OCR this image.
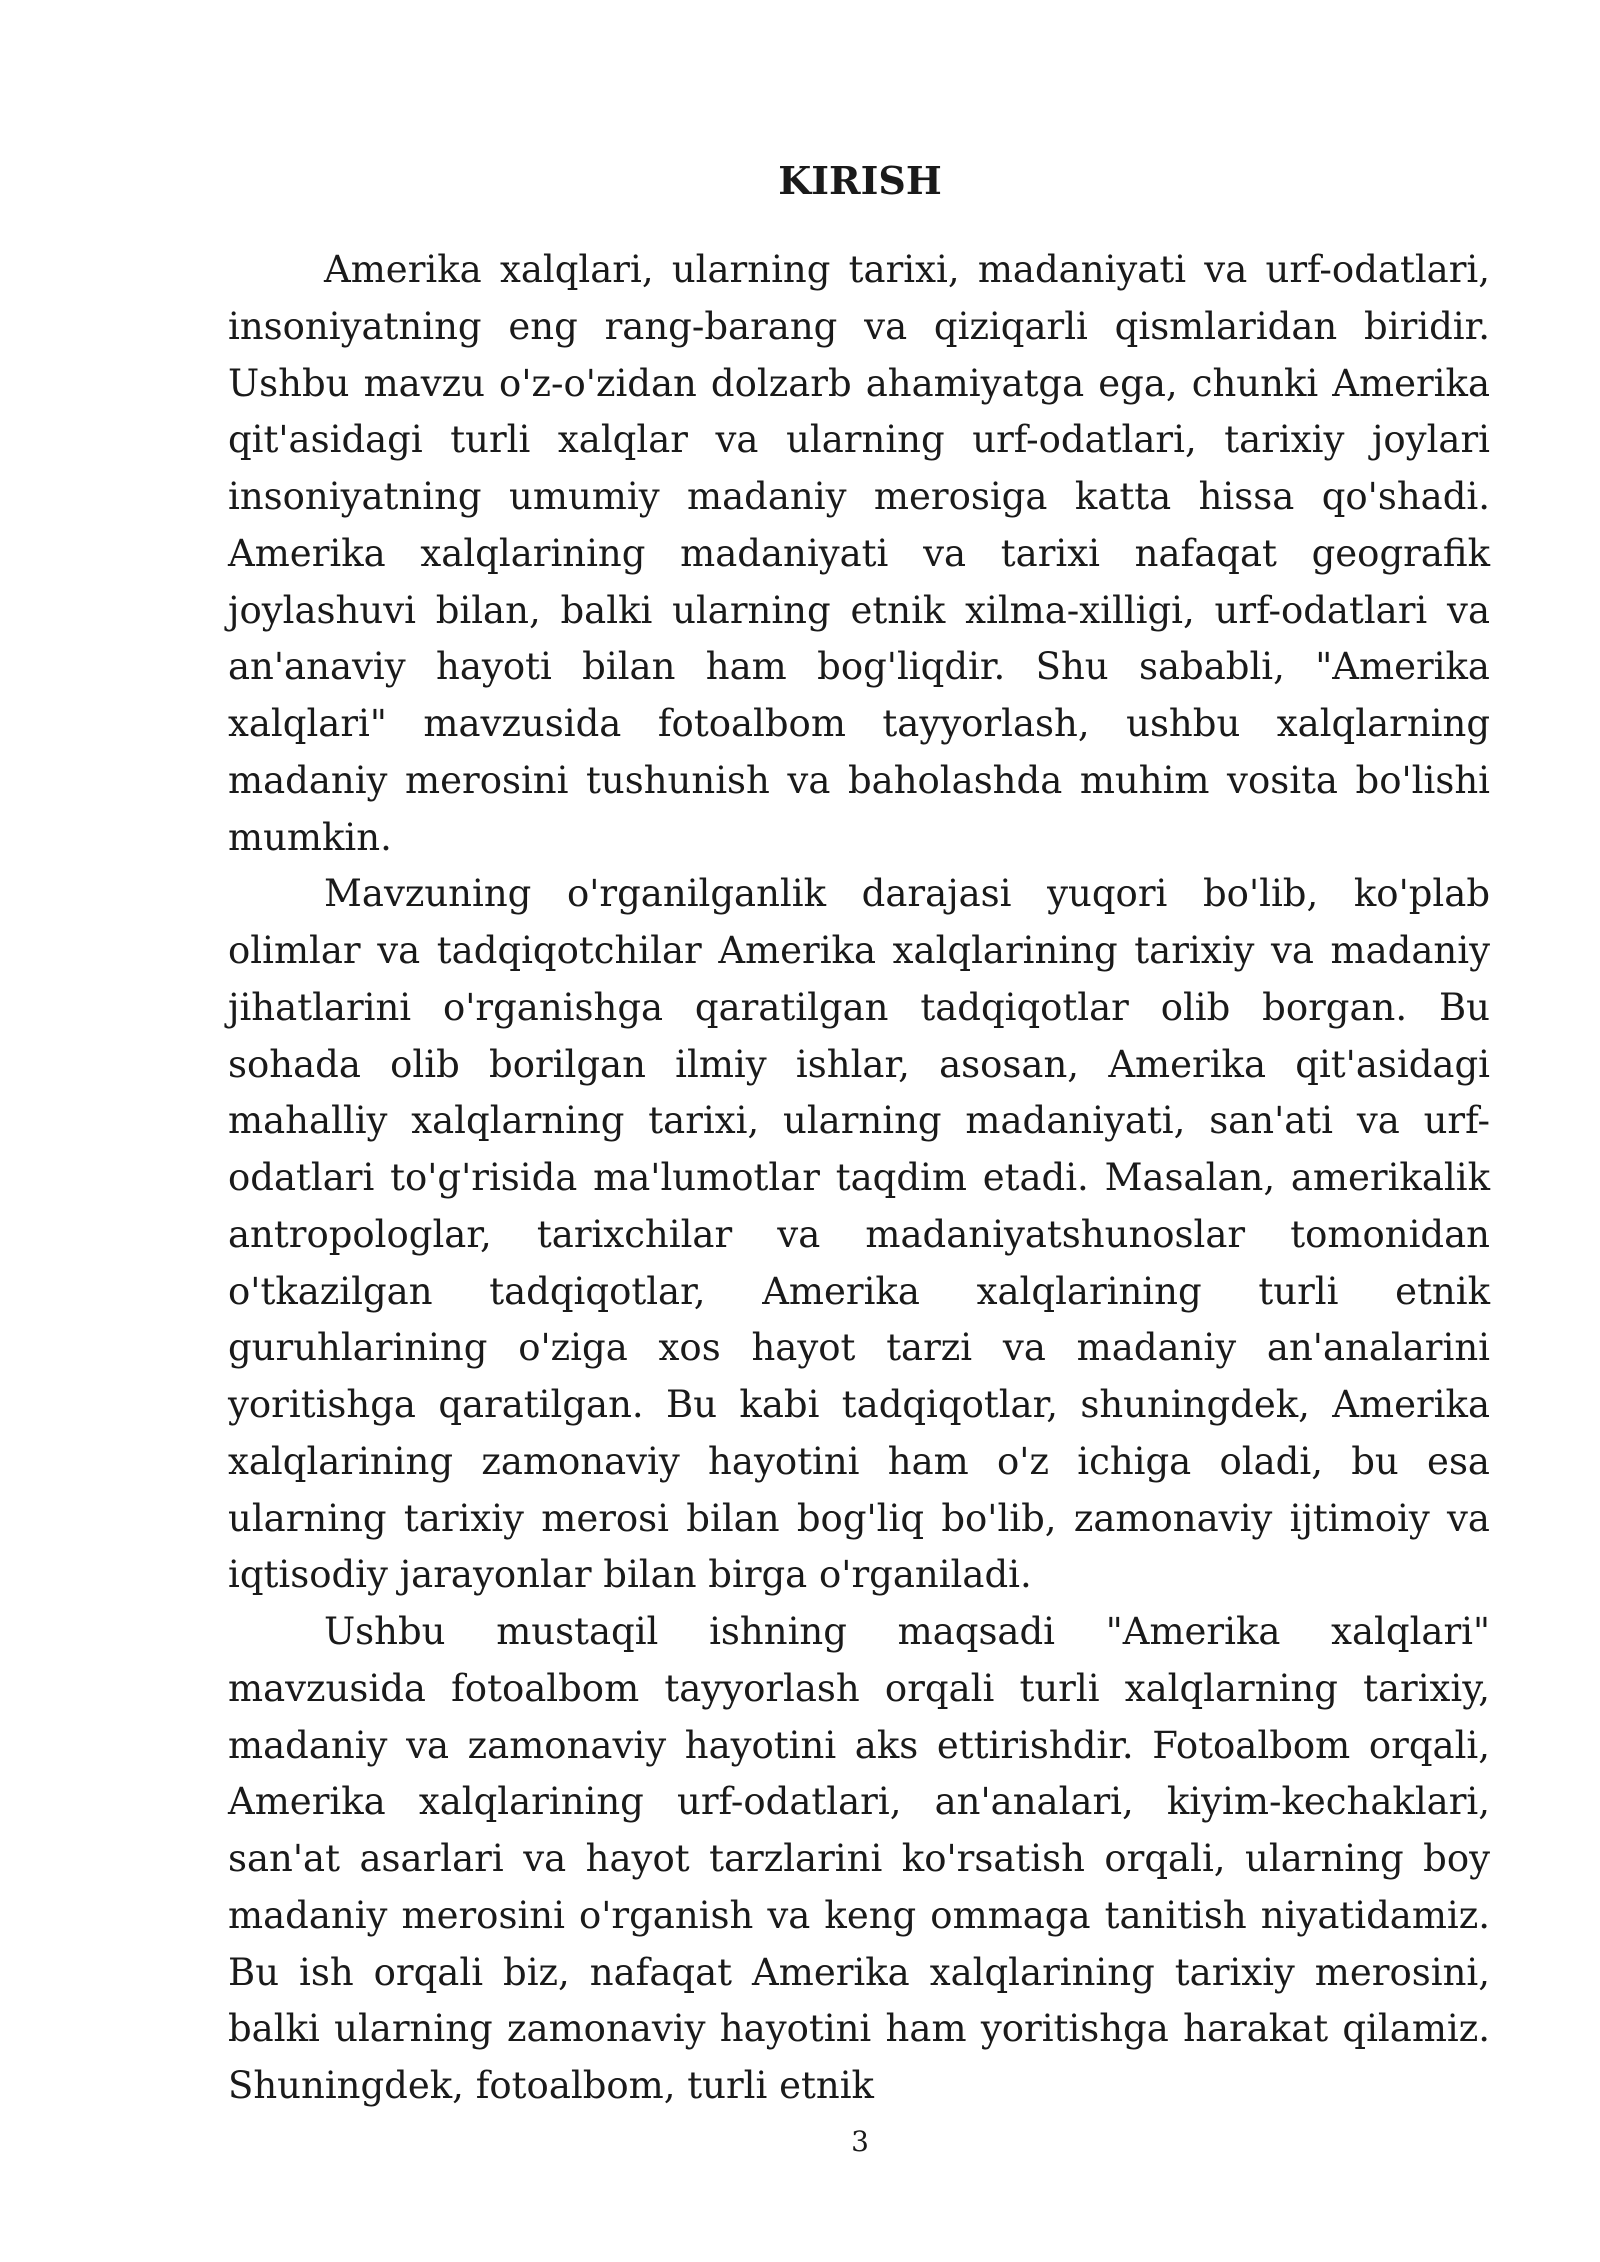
KIRISH

Amerika xalqlari, ularning tarixi, madaniyati va urf-odatlari, insoniyatning eng rang-barang va qiziqarli qismlaridan biridir. Ushbu mavzu o'z-o'zidan dolzarb ahamiyatga ega, chunki Amerika qit'asidagi turli xalqlar va ularning urf-odatlari, tarixiy joylari insoniyatning umumiy madaniy merosiga katta hissa qo'shadi. Amerika xalqlarining madaniyati va tarixi nafaqat geografik joylashuvi bilan, balki ularning etnik xilma-xilligi, urf-odatlari va an'anaviy hayoti bilan ham bog'liqdir. Shu sababli, "Amerika xalqlari" mavzusida fotoalbom tayyorlash, ushbu xalqlarning madaniy merosini tushunish va baholashda muhim vosita bo'lishi mumkin.

Mavzuning o'rganilganlik darajasi yuqori bo'lib, ko'plab olimlar va tadqiqotchilar Amerika xalqlarining tarixiy va madaniy jihatlarini o'rganishga qaratilgan tadqiqotlar olib borgan. Bu sohada olib borilgan ilmiy ishlar, asosan, Amerika qit'asidagi mahalliy xalqlarning tarixi, ularning madaniyati, san'ati va urf-odatlari to'g'risida ma'lumotlar taqdim etadi. Masalan, amerikalik antropologlar, tarixchilar va madaniyatshunoslar tomonidan o'tkazilgan tadqiqotlar, Amerika xalqlarining turli etnik guruhlarining o'ziga xos hayot tarzi va madaniy an'analarini yoritishga qaratilgan. Bu kabi tadqiqotlar, shuningdek, Amerika xalqlarining zamonaviy hayotini ham o'z ichiga oladi, bu esa ularning tarixiy merosi bilan bog'liq bo'lib, zamonaviy ijtimoiy va iqtisodiy jarayonlar bilan birga o'rganiladi.

Ushbu mustaqil ishning maqsadi "Amerika xalqlari" mavzusida fotoalbom tayyorlash orqali turli xalqlarning tarixiy, madaniy va zamonaviy hayotini aks ettirishdir. Fotoalbom orqali, Amerika xalqlarining urf-odatlari, an'analari, kiyim-kechaklari, san'at asarlari va hayot tarzlarini ko'rsatish orqali, ularning boy madaniy merosini o'rganish va keng ommaga tanitish niyatidamiz. Bu ish orqali biz, nafaqat Amerika xalqlarining tarixiy merosini, balki ularning zamonaviy hayotini ham yoritishga harakat qilamiz. Shuningdek, fotoalbom, turli etnik

3
